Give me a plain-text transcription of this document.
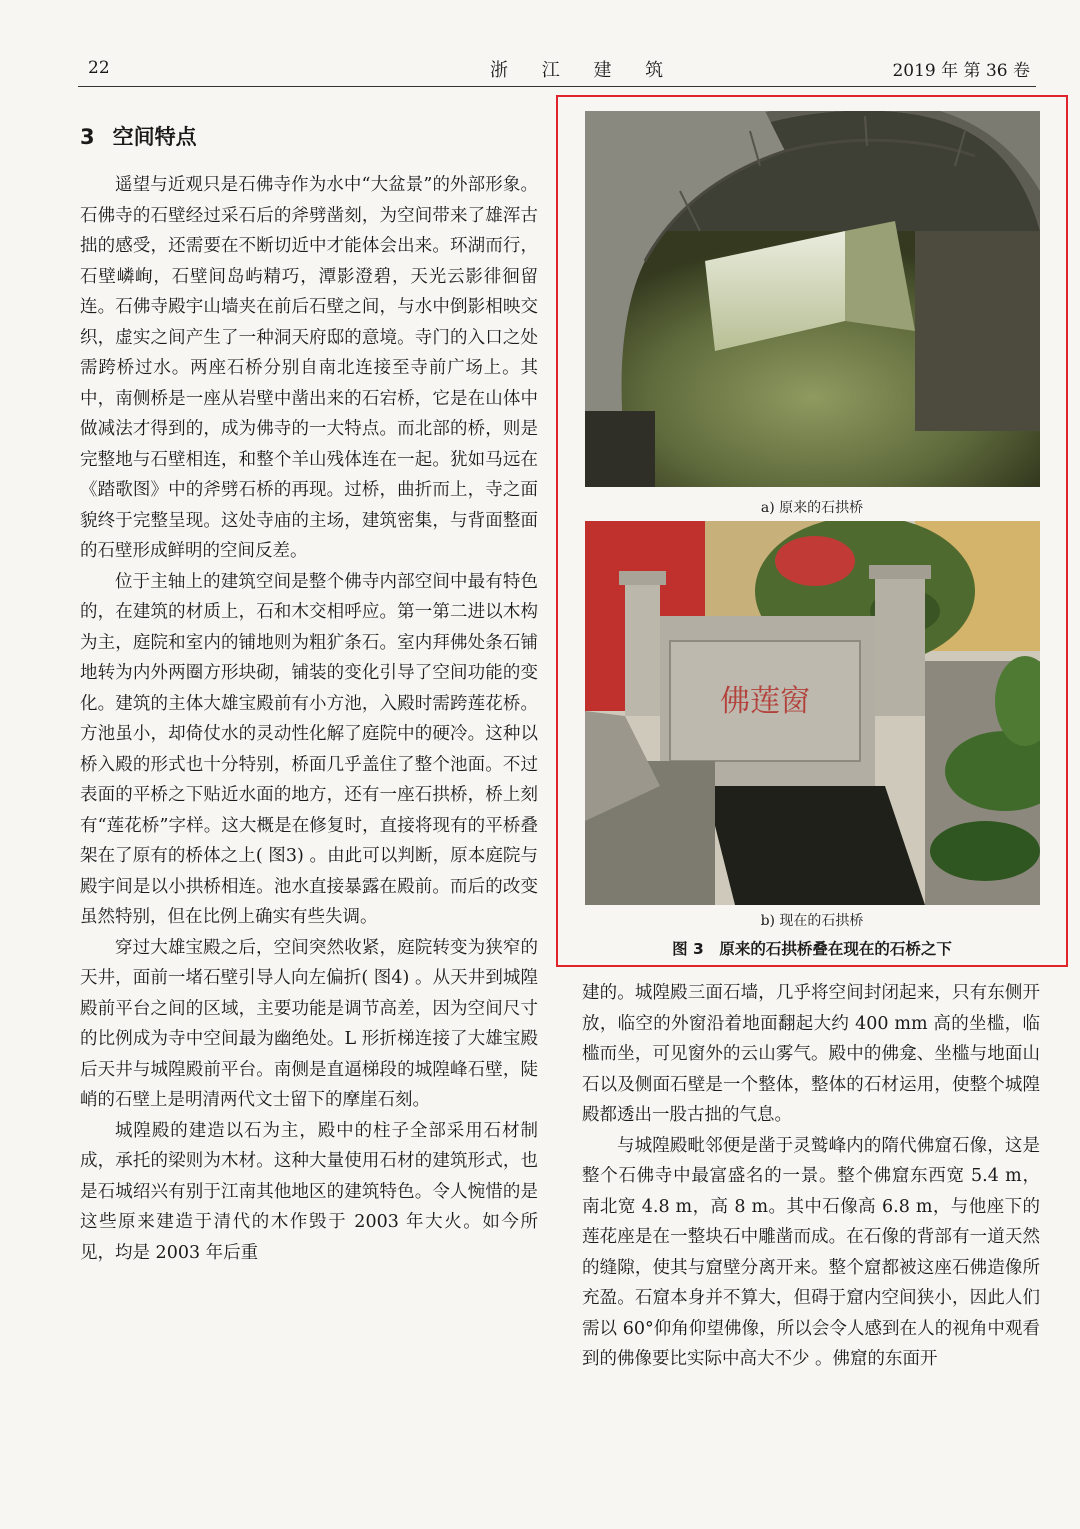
22	浙 江 建 筑	2019 年 第 36 卷
3 空间特点

遥望与近观只是石佛寺作为水中“大盆景”的外部形象。石佛寺的石壁经过采石后的斧劈凿刻，为空间带来了雄浑古拙的感受，还需要在不断切近中才能体会出来。环湖而行，石壁嶙峋，石壁间岛屿精巧，潭影澄碧，天光云影徘徊留连。石佛寺殿宇山墙夹在前后石壁之间，与水中倒影相映交织，虚实之间产生了一种洞天府邸的意境。寺门的入口之处需跨桥过水。两座石桥分别自南北连接至寺前广场上。其中，南侧桥是一座从岩壁中凿出来的石宕桥，它是在山体中做减法才得到的，成为佛寺的一大特点。而北部的桥，则是完整地与石壁相连，和整个羊山残体连在一起。犹如马远在《踏歌图》中的斧劈石桥的再现。过桥，曲折而上，寺之面貌终于完整呈现。这处寺庙的主场，建筑密集，与背面整面的石壁形成鲜明的空间反差。

位于主轴上的建筑空间是整个佛寺内部空间中最有特色的，在建筑的材质上，石和木交相呼应。第一第二进以木构为主，庭院和室内的铺地则为粗犷条石。室内拜佛处条石铺地转为内外两圈方形块砌，铺装的变化引导了空间功能的变化。建筑的主体大雄宝殿前有小方池，入殿时需跨莲花桥。方池虽小，却倚仗水的灵动性化解了庭院中的硬冷。这种以桥入殿的形式也十分特别，桥面几乎盖住了整个池面。不过表面的平桥之下贴近水面的地方，还有一座石拱桥，桥上刻有“莲花桥”字样。这大概是在修复时，直接将现有的平桥叠架在了原有的桥体之上( 图3) 。由此可以判断，原本庭院与殿宇间是以小拱桥相连。池水直接暴露在殿前。而后的改变虽然特别，但在比例上确实有些失调。

穿过大雄宝殿之后，空间突然收紧，庭院转变为狭窄的天井，面前一堵石壁引导人向左偏折( 图4) 。从天井到城隍殿前平台之间的区域，主要功能是调节高差，因为空间尺寸的比例成为寺中空间最为幽绝处。L 形折梯连接了大雄宝殿后天井与城隍殿前平台。南侧是直逼梯段的城隍峰石壁，陡峭的石壁上是明清两代文士留下的摩崖石刻。

城隍殿的建造以石为主，殿中的柱子全部采用石材制成，承托的梁则为木材。这种大量使用石材的建筑形式，也是石城绍兴有别于江南其他地区的建筑特色。令人惋惜的是这些原来建造于清代的木作毁于 2003 年大火。如今所见，均是 2003 年后重

建的。城隍殿三面石墙，几乎将空间封闭起来，只有东侧开放，临空的外窗沿着地面翻起大约 400 mm 高的坐槛，临槛而坐，可见窗外的云山雾气。殿中的佛龛、坐槛与地面山石以及侧面石壁是一个整体，整体的石材运用，使整个城隍殿都透出一股古拙的气息。

与城隍殿毗邻便是凿于灵鹫峰内的隋代佛窟石像，这是整个石佛寺中最富盛名的一景。整个佛窟东西宽 5.4 m，南北宽 4.8 m，高 8 m。其中石像高 6.8 m，与他座下的莲花座是在一整块石中雕凿而成。在石像的背部有一道天然的缝隙，使其与窟壁分离开来。整个窟都被这座石佛造像所充盈。石窟本身并不算大，但碍于窟内空间狭小，因此人们需以 60°仰角仰望佛像，所以会令人感到在人的视角中观看到的佛像要比实际中高大不少 。佛窟的东面开

a) 原来的石拱桥
佛莲窗
b) 现在的石拱桥
图 3　原来的石拱桥叠在现在的石桥之下
